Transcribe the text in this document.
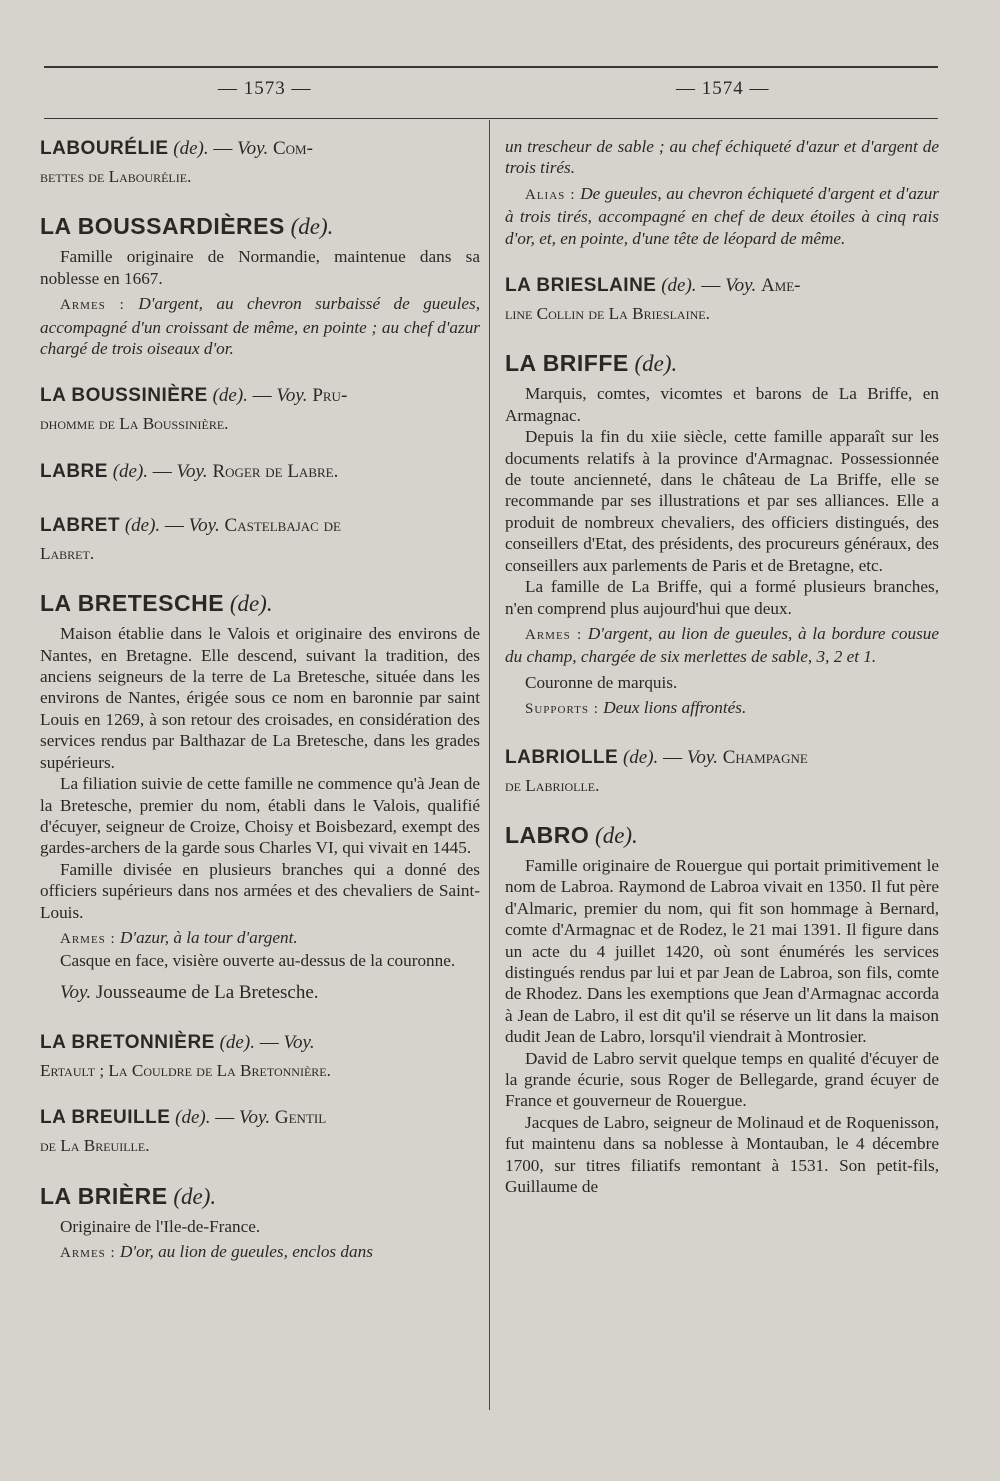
— 1573 —	— 1574 —
LABOURÉLIE (de). — Voy. Com-
bettes de Labourélie.
LA BOUSSARDIÈRES (de).

Famille originaire de Normandie, maintenue dans sa noblesse en 1667.

Armes : D'argent, au chevron surbaissé de gueules, accompagné d'un croissant de même, en pointe ; au chef d'azur chargé de trois oiseaux d'or.

LA BOUSSINIÈRE (de). — Voy. Pru-
dhomme de La Boussinière.
LABRE (de). — Voy. Roger de Labre.
LABRET (de). — Voy. Castelbajac de
Labret.
LA BRETESCHE (de).

Maison établie dans le Valois et originaire des environs de Nantes, en Bretagne. Elle descend, suivant la tradition, des anciens seigneurs de la terre de La Bretesche, située dans les environs de Nantes, érigée sous ce nom en baronnie par saint Louis en 1269, à son retour des croisades, en considération des services rendus par Balthazar de La Bretesche, dans les grades supérieurs.

La filiation suivie de cette famille ne commence qu'à Jean de la Bretesche, premier du nom, établi dans le Valois, qualifié d'écuyer, seigneur de Croize, Choisy et Boisbezard, exempt des gardes-archers de la garde sous Charles VI, qui vivait en 1445.

Famille divisée en plusieurs branches qui a donné des officiers supérieurs dans nos armées et des chevaliers de Saint-Louis.

Armes : D'azur, à la tour d'argent.

Casque en face, visière ouverte au-dessus de la couronne.

Voy. Jousseaume de La Bretesche.
LA BRETONNIÈRE (de). — Voy.
Ertault ; La Couldre de La Bretonnière.
LA BREUILLE (de). — Voy. Gentil
de La Breuille.
LA BRIÈRE (de).

Originaire de l'Ile-de-France.

Armes : D'or, au lion de gueules, enclos dans

un trescheur de sable ; au chef échiqueté d'azur et d'argent de trois tirés.

Alias : De gueules, au chevron échiqueté d'argent et d'azur à trois tirés, accompagné en chef de deux étoiles à cinq rais d'or, et, en pointe, d'une tête de léopard de même.

LA BRIESLAINE (de). — Voy. Ame-
line Collin de La Brieslaine.
LA BRIFFE (de).

Marquis, comtes, vicomtes et barons de La Briffe, en Armagnac.

Depuis la fin du xiie siècle, cette famille apparaît sur les documents relatifs à la province d'Armagnac. Possessionnée de toute ancienneté, dans le château de La Briffe, elle se recommande par ses illustrations et par ses alliances. Elle a produit de nombreux chevaliers, des officiers distingués, des conseillers d'Etat, des présidents, des procureurs généraux, des conseillers aux parlements de Paris et de Bretagne, etc.

La famille de La Briffe, qui a formé plusieurs branches, n'en comprend plus aujourd'hui que deux.

Armes : D'argent, au lion de gueules, à la bordure cousue du champ, chargée de six merlettes de sable, 3, 2 et 1.

Couronne de marquis.

Supports : Deux lions affrontés.

LABRIOLLE (de). — Voy. Champagne
de Labriolle.
LABRO (de).

Famille originaire de Rouergue qui portait primitivement le nom de Labroa. Raymond de Labroa vivait en 1350. Il fut père d'Almaric, premier du nom, qui fit son hommage à Bernard, comte d'Armagnac et de Rodez, le 21 mai 1391. Il figure dans un acte du 4 juillet 1420, où sont énumérés les services distingués rendus par lui et par Jean de Labroa, son fils, comte de Rhodez. Dans les exemptions que Jean d'Armagnac accorda à Jean de Labro, il est dit qu'il se réserve un lit dans la maison dudit Jean de Labro, lorsqu'il viendrait à Montrosier.

David de Labro servit quelque temps en qualité d'écuyer de la grande écurie, sous Roger de Bellegarde, grand écuyer de France et gouverneur de Rouergue.

Jacques de Labro, seigneur de Molinaud et de Roquenisson, fut maintenu dans sa noblesse à Montauban, le 4 décembre 1700, sur titres filiatifs remontant à 1531. Son petit-fils, Guillaume de
